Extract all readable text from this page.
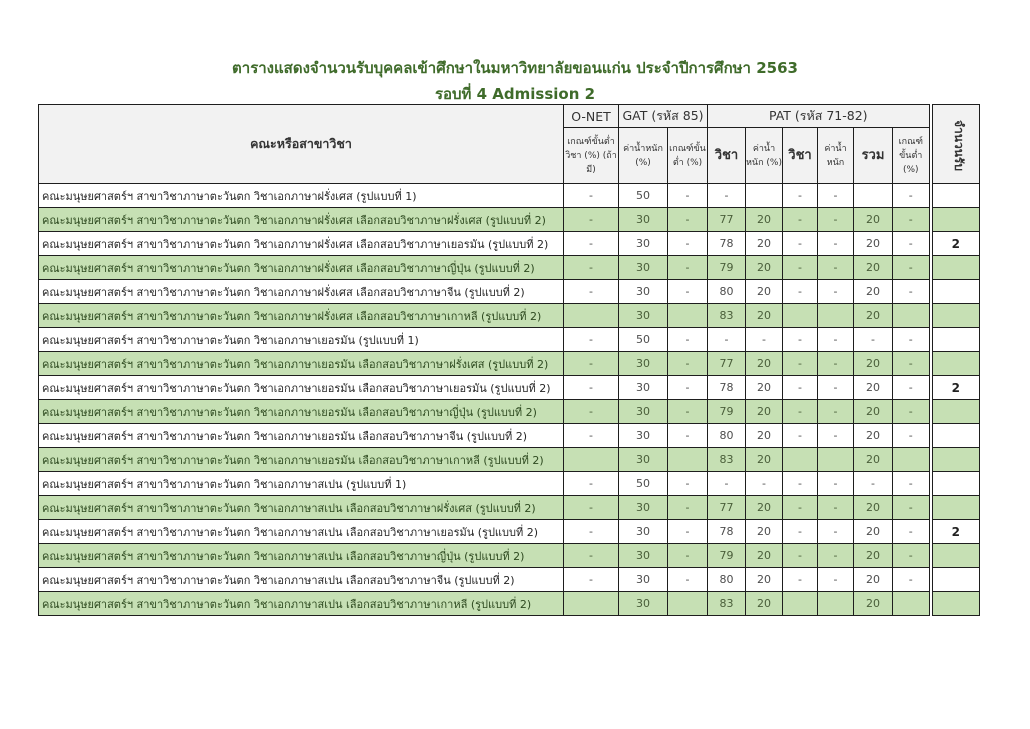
ตารางแสดงจำนวนรับบุคคลเข้าศึกษาในมหาวิทยาลัยขอนแก่น ประจำปีการศึกษา 2563
รอบที่ 4 Admission 2
คณะหรือสาขาวิชา	O-NET	GAT (รหัส 85)		PAT (รหัส 71-82)						จำนวนรับ
	เกณฑ์ขั้นต่ำวิชา (%) (ถ้ามี)	ค่าน้ำหนัก (%)	เกณฑ์ขั้นต่ำ (%)	วิชา	ค่าน้ำหนัก (%)	วิชา	ค่าน้ำหนัก	รวม	เกณฑ์ขั้นต่ำ (%)	
คณะมนุษยศาสตร์ฯ สาขาวิชาภาษาตะวันตก วิชาเอกภาษาฝรั่งเศส (รูปแบบที่ 1)	-	50	-	-		-	-		-	
คณะมนุษยศาสตร์ฯ สาขาวิชาภาษาตะวันตก วิชาเอกภาษาฝรั่งเศส เลือกสอบวิชาภาษาฝรั่งเศส (รูปแบบที่ 2)	-	30	-	77	20	-	-	20	-	
คณะมนุษยศาสตร์ฯ สาขาวิชาภาษาตะวันตก วิชาเอกภาษาฝรั่งเศส เลือกสอบวิชาภาษาเยอรมัน (รูปแบบที่ 2)	-	30	-	78	20	-	-	20	-	2
คณะมนุษยศาสตร์ฯ สาขาวิชาภาษาตะวันตก วิชาเอกภาษาฝรั่งเศส เลือกสอบวิชาภาษาญี่ปุ่น (รูปแบบที่ 2)	-	30	-	79	20	-	-	20	-	
คณะมนุษยศาสตร์ฯ สาขาวิชาภาษาตะวันตก วิชาเอกภาษาฝรั่งเศส เลือกสอบวิชาภาษาจีน (รูปแบบที่ 2)	-	30	-	80	20	-	-	20	-	
คณะมนุษยศาสตร์ฯ สาขาวิชาภาษาตะวันตก วิชาเอกภาษาฝรั่งเศส เลือกสอบวิชาภาษาเกาหลี (รูปแบบที่ 2)		30		83	20			20		
คณะมนุษยศาสตร์ฯ สาขาวิชาภาษาตะวันตก วิชาเอกภาษาเยอรมัน (รูปแบบที่ 1)	-	50	-	-	-	-	-	-	-	
คณะมนุษยศาสตร์ฯ สาขาวิชาภาษาตะวันตก วิชาเอกภาษาเยอรมัน เลือกสอบวิชาภาษาฝรั่งเศส (รูปแบบที่ 2)	-	30	-	77	20	-	-	20	-	
คณะมนุษยศาสตร์ฯ สาขาวิชาภาษาตะวันตก วิชาเอกภาษาเยอรมัน เลือกสอบวิชาภาษาเยอรมัน (รูปแบบที่ 2)	-	30	-	78	20	-	-	20	-	2
คณะมนุษยศาสตร์ฯ สาขาวิชาภาษาตะวันตก วิชาเอกภาษาเยอรมัน เลือกสอบวิชาภาษาญี่ปุ่น (รูปแบบที่ 2)	-	30	-	79	20	-	-	20	-	
คณะมนุษยศาสตร์ฯ สาขาวิชาภาษาตะวันตก วิชาเอกภาษาเยอรมัน เลือกสอบวิชาภาษาจีน (รูปแบบที่ 2)	-	30	-	80	20	-	-	20	-	
คณะมนุษยศาสตร์ฯ สาขาวิชาภาษาตะวันตก วิชาเอกภาษาเยอรมัน เลือกสอบวิชาภาษาเกาหลี (รูปแบบที่ 2)		30		83	20			20		
คณะมนุษยศาสตร์ฯ สาขาวิชาภาษาตะวันตก วิชาเอกภาษาสเปน (รูปแบบที่ 1)	-	50	-	-	-	-	-	-	-	
คณะมนุษยศาสตร์ฯ สาขาวิชาภาษาตะวันตก วิชาเอกภาษาสเปน เลือกสอบวิชาภาษาฝรั่งเศส (รูปแบบที่ 2)	-	30	-	77	20	-	-	20	-	
คณะมนุษยศาสตร์ฯ สาขาวิชาภาษาตะวันตก วิชาเอกภาษาสเปน เลือกสอบวิชาภาษาเยอรมัน (รูปแบบที่ 2)	-	30	-	78	20	-	-	20	-	2
คณะมนุษยศาสตร์ฯ สาขาวิชาภาษาตะวันตก วิชาเอกภาษาสเปน เลือกสอบวิชาภาษาญี่ปุ่น (รูปแบบที่ 2)	-	30	-	79	20	-	-	20	-	
คณะมนุษยศาสตร์ฯ สาขาวิชาภาษาตะวันตก วิชาเอกภาษาสเปน เลือกสอบวิชาภาษาจีน (รูปแบบที่ 2)	-	30	-	80	20	-	-	20	-	
คณะมนุษยศาสตร์ฯ สาขาวิชาภาษาตะวันตก วิชาเอกภาษาสเปน เลือกสอบวิชาภาษาเกาหลี (รูปแบบที่ 2)		30		83	20			20		
